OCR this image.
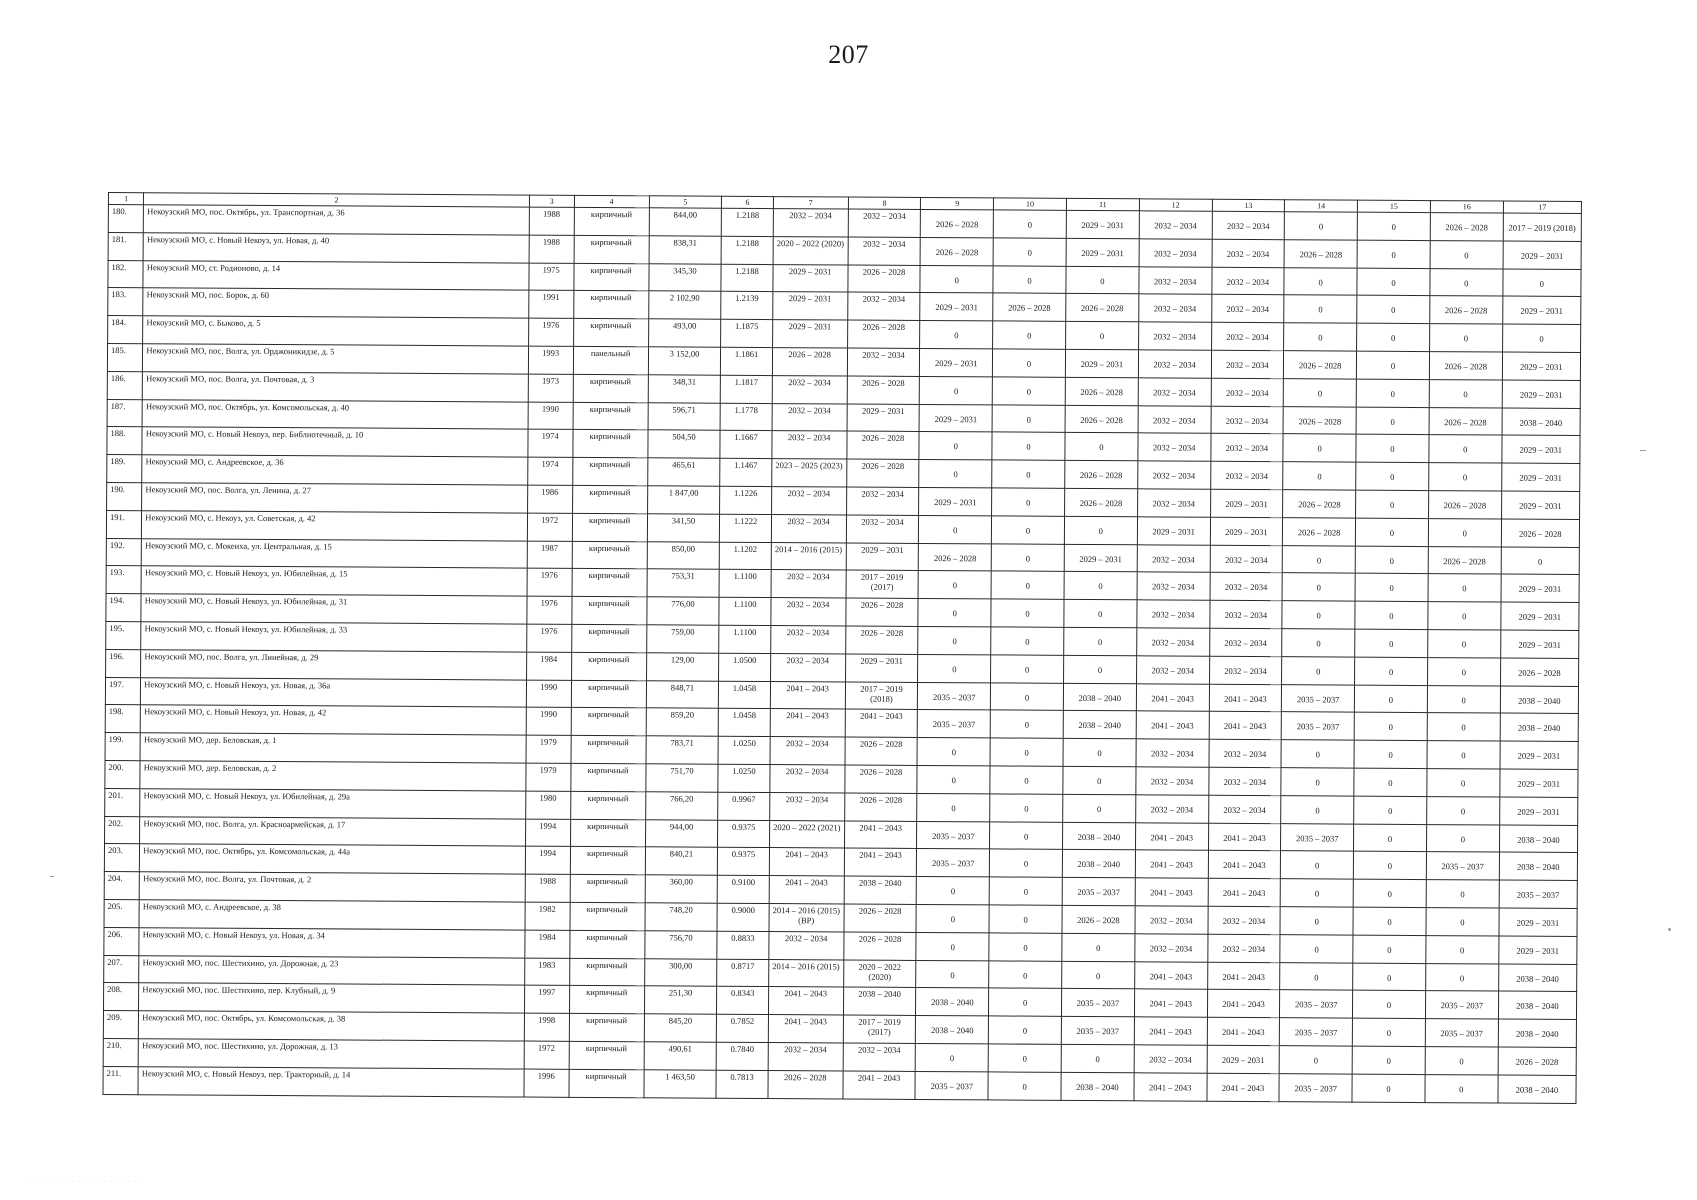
207
1	2	3	4	5	6	7	8	9	10	11	12	13	14	15	16	17
180.	Некоузский МО, пос. Октябрь, ул. Транспортная, д. 36	1988	кирпичный	844,00	1.2188	2032 – 2034	2032 – 2034	2026 – 2028	0	2029 – 2031	2032 – 2034	2032 – 2034	0	0	2026 – 2028	2017 – 2019 (2018)
181.	Некоузский МО, с. Новый Некоуз, ул. Новая, д. 40	1988	кирпичный	838,31	1.2188	2020 – 2022 (2020)	2032 – 2034	2026 – 2028	0	2029 – 2031	2032 – 2034	2032 – 2034	2026 – 2028	0	0	2029 – 2031
182.	Некоузский МО, ст. Родионово, д. 14	1975	кирпичный	345,30	1.2188	2029 – 2031	2026 – 2028	0	0	0	2032 – 2034	2032 – 2034	0	0	0	0
183.	Некоузский МО, пос. Борок, д. 60	1991	кирпичный	2 102,90	1.2139	2029 – 2031	2032 – 2034	2029 – 2031	2026 – 2028	2026 – 2028	2032 – 2034	2032 – 2034	0	0	2026 – 2028	2029 – 2031
184.	Некоузский МО, с. Быково, д. 5	1976	кирпичный	493,00	1.1875	2029 – 2031	2026 – 2028	0	0	0	2032 – 2034	2032 – 2034	0	0	0	0
185.	Некоузский МО, пос. Волга, ул. Орджоникидзе, д. 5	1993	панельный	3 152,00	1.1861	2026 – 2028	2032 – 2034	2029 – 2031	0	2029 – 2031	2032 – 2034	2032 – 2034	2026 – 2028	0	2026 – 2028	2029 – 2031
186.	Некоузский МО, пос. Волга, ул. Почтовая, д. 3	1973	кирпичный	348,31	1.1817	2032 – 2034	2026 – 2028	0	0	2026 – 2028	2032 – 2034	2032 – 2034	0	0	0	2029 – 2031
187.	Некоузский МО, пос. Октябрь, ул. Комсомольская, д. 40	1990	кирпичный	596,71	1.1778	2032 – 2034	2029 – 2031	2029 – 2031	0	2026 – 2028	2032 – 2034	2032 – 2034	2026 – 2028	0	2026 – 2028	2038 – 2040
188.	Некоузский МО, с. Новый Некоуз, пер. Библиотечный, д. 10	1974	кирпичный	504,50	1.1667	2032 – 2034	2026 – 2028	0	0	0	2032 – 2034	2032 – 2034	0	0	0	2029 – 2031
189.	Некоузский МО, с. Андреевское, д. 36	1974	кирпичный	465,61	1.1467	2023 – 2025 (2023)	2026 – 2028	0	0	2026 – 2028	2032 – 2034	2032 – 2034	0	0	0	2029 – 2031
190.	Некоузский МО, пос. Волга, ул. Ленина, д. 27	1986	кирпичный	1 847,00	1.1226	2032 – 2034	2032 – 2034	2029 – 2031	0	2026 – 2028	2032 – 2034	2029 – 2031	2026 – 2028	0	2026 – 2028	2029 – 2031
191.	Некоузский МО, с. Некоуз, ул. Советская, д. 42	1972	кирпичный	341,50	1.1222	2032 – 2034	2032 – 2034	0	0	0	2029 – 2031	2029 – 2031	2026 – 2028	0	0	2026 – 2028
192.	Некоузский МО, с. Мокеиха, ул. Центральная, д. 15	1987	кирпичный	850,00	1.1202	2014 – 2016 (2015)	2029 – 2031	2026 – 2028	0	2029 – 2031	2032 – 2034	2032 – 2034	0	0	2026 – 2028	0
193.	Некоузский МО, с. Новый Некоуз, ул. Юбилейная, д. 15	1976	кирпичный	753,31	1.1100	2032 – 2034	2017 – 2019 (2017)	0	0	0	2032 – 2034	2032 – 2034	0	0	0	2029 – 2031
194.	Некоузский МО, с. Новый Некоуз, ул. Юбилейная, д. 31	1976	кирпичный	776,00	1.1100	2032 – 2034	2026 – 2028	0	0	0	2032 – 2034	2032 – 2034	0	0	0	2029 – 2031
195.	Некоузский МО, с. Новый Некоуз, ул. Юбилейная, д. 33	1976	кирпичный	759,00	1.1100	2032 – 2034	2026 – 2028	0	0	0	2032 – 2034	2032 – 2034	0	0	0	2029 – 2031
196.	Некоузский МО, пос. Волга, ул. Линейная, д. 29	1984	кирпичный	129,00	1.0500	2032 – 2034	2029 – 2031	0	0	0	2032 – 2034	2032 – 2034	0	0	0	2026 – 2028
197.	Некоузский МО, с. Новый Некоуз, ул. Новая, д. 36а	1990	кирпичный	848,71	1.0458	2041 – 2043	2017 – 2019 (2018)	2035 – 2037	0	2038 – 2040	2041 – 2043	2041 – 2043	2035 – 2037	0	0	2038 – 2040
198.	Некоузский МО, с. Новый Некоуз, ул. Новая, д. 42	1990	кирпичный	859,20	1.0458	2041 – 2043	2041 – 2043	2035 – 2037	0	2038 – 2040	2041 – 2043	2041 – 2043	2035 – 2037	0	0	2038 – 2040
199.	Некоузский МО, дер. Беловская, д. 1	1979	кирпичный	783,71	1.0250	2032 – 2034	2026 – 2028	0	0	0	2032 – 2034	2032 – 2034	0	0	0	2029 – 2031
200.	Некоузский МО, дер. Беловская, д. 2	1979	кирпичный	751,70	1.0250	2032 – 2034	2026 – 2028	0	0	0	2032 – 2034	2032 – 2034	0	0	0	2029 – 2031
201.	Некоузский МО, с. Новый Некоуз, ул. Юбилейная, д. 29а	1980	кирпичный	766,20	0.9967	2032 – 2034	2026 – 2028	0	0	0	2032 – 2034	2032 – 2034	0	0	0	2029 – 2031
202.	Некоузский МО, пос. Волга, ул. Красноармейская, д. 17	1994	кирпичный	944,00	0.9375	2020 – 2022 (2021)	2041 – 2043	2035 – 2037	0	2038 – 2040	2041 – 2043	2041 – 2043	2035 – 2037	0	0	2038 – 2040
203.	Некоузский МО, пос. Октябрь, ул. Комсомольская, д. 44а	1994	кирпичный	840,21	0.9375	2041 – 2043	2041 – 2043	2035 – 2037	0	2038 – 2040	2041 – 2043	2041 – 2043	0	0	2035 – 2037	2038 – 2040
204.	Некоузский МО, пос. Волга, ул. Почтовая, д. 2	1988	кирпичный	360,00	0.9100	2041 – 2043	2038 – 2040	0	0	2035 – 2037	2041 – 2043	2041 – 2043	0	0	0	2035 – 2037
205.	Некоузский МО, с. Андреевское, д. 38	1982	кирпичный	748,20	0.9000	2014 – 2016 (2015) (ВР)	2026 – 2028	0	0	2026 – 2028	2032 – 2034	2032 – 2034	0	0	0	2029 – 2031
206.	Некоузский МО, с. Новый Некоуз, ул. Новая, д. 34	1984	кирпичный	756,70	0.8833	2032 – 2034	2026 – 2028	0	0	0	2032 – 2034	2032 – 2034	0	0	0	2029 – 2031
207.	Некоузский МО, пос. Шестихино, ул. Дорожная, д. 23	1983	кирпичный	300,00	0.8717	2014 – 2016 (2015)	2020 – 2022 (2020)	0	0	0	2041 – 2043	2041 – 2043	0	0	0	2038 – 2040
208.	Некоузский МО, пос. Шестихино, пер. Клубный, д. 9	1997	кирпичный	251,30	0.8343	2041 – 2043	2038 – 2040	2038 – 2040	0	2035 – 2037	2041 – 2043	2041 – 2043	2035 – 2037	0	2035 – 2037	2038 – 2040
209.	Некоузский МО, пос. Октябрь, ул. Комсомольская, д. 38	1998	кирпичный	845,20	0.7852	2041 – 2043	2017 – 2019 (2017)	2038 – 2040	0	2035 – 2037	2041 – 2043	2041 – 2043	2035 – 2037	0	2035 – 2037	2038 – 2040
210.	Некоузский МО, пос. Шестихино, ул. Дорожная, д. 13	1972	кирпичный	490,61	0.7840	2032 – 2034	2032 – 2034	0	0	0	2032 – 2034	2029 – 2031	0	0	0	2026 – 2028
211.	Некоузский МО, с. Новый Некоуз, пер. Тракторный, д. 14	1996	кирпичный	1 463,50	0.7813	2026 – 2028	2041 – 2043	2035 – 2037	0	2038 – 2040	2041 – 2043	2041 – 2043	2035 – 2037	0	0	2038 – 2040
· · · · · · · · · · · · · · · · · ·
